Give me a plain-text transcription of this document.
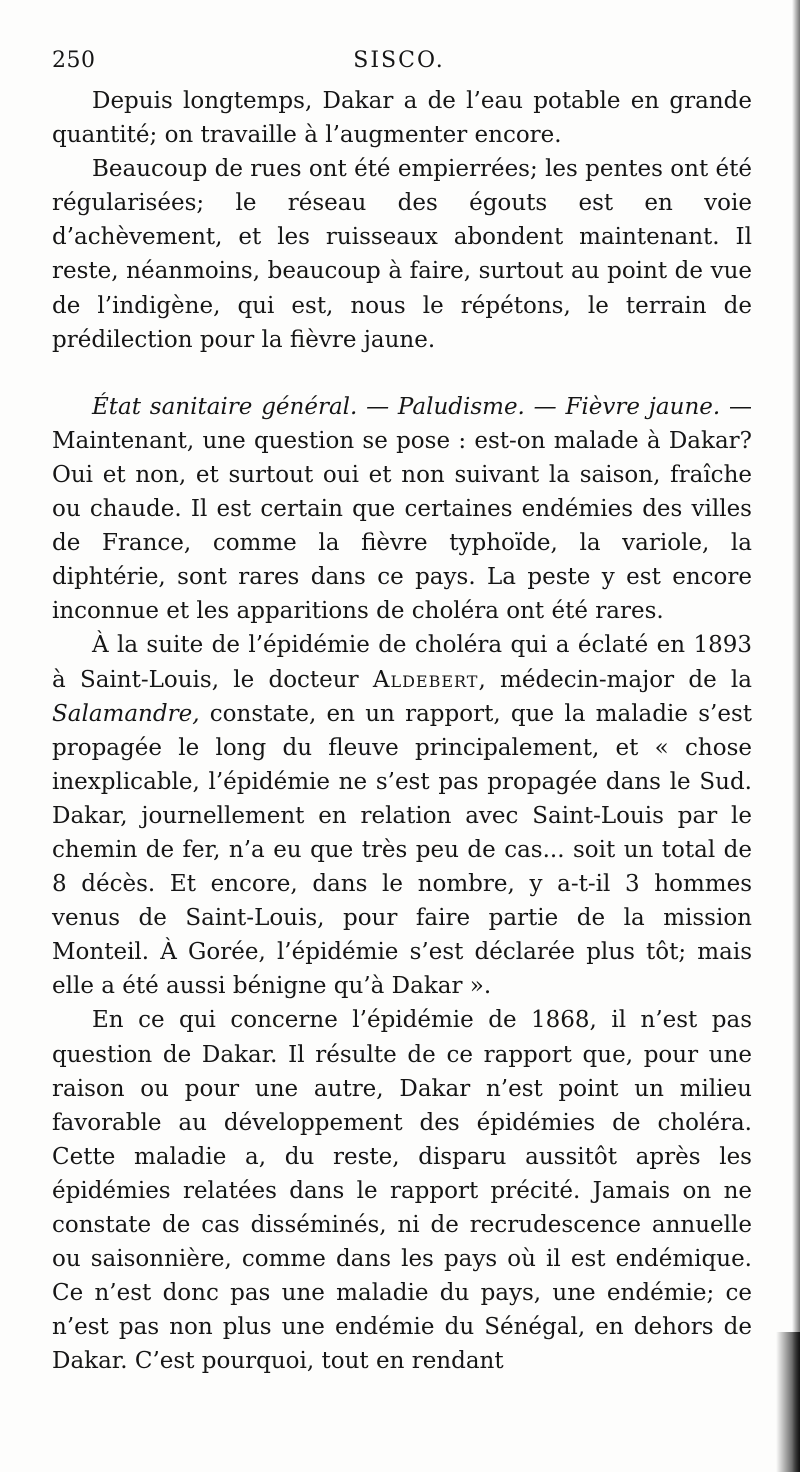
250	SISCO.

Depuis longtemps, Dakar a de l’eau potable en grande quantité; on travaille à l’augmenter encore.

Beaucoup de rues ont été empierrées; les pentes ont été régularisées; le réseau des égouts est en voie d’achèvement, et les ruisseaux abondent maintenant. Il reste, néanmoins, beaucoup à faire, surtout au point de vue de l’indigène, qui est, nous le répétons, le terrain de prédilection pour la fièvre jaune.

État sanitaire général. — Paludisme. — Fièvre jaune. — Maintenant, une question se pose : est-on malade à Dakar? Oui et non, et surtout oui et non suivant la saison, fraîche ou chaude. Il est certain que certaines endémies des villes de France, comme la fièvre typhoïde, la variole, la diphtérie, sont rares dans ce pays. La peste y est encore inconnue et les apparitions de choléra ont été rares.

À la suite de l’épidémie de choléra qui a éclaté en 1893 à Saint-Louis, le docteur Aldebert, médecin-major de la Salamandre, constate, en un rapport, que la maladie s’est propagée le long du fleuve principalement, et « chose inexplicable, l’épidémie ne s’est pas propagée dans le Sud. Dakar, journellement en relation avec Saint-Louis par le chemin de fer, n’a eu que très peu de cas... soit un total de 8 décès. Et encore, dans le nombre, y a-t-il 3 hommes venus de Saint-Louis, pour faire partie de la mission Monteil. À Gorée, l’épidémie s’est déclarée plus tôt; mais elle a été aussi bénigne qu’à Dakar ».

En ce qui concerne l’épidémie de 1868, il n’est pas question de Dakar. Il résulte de ce rapport que, pour une raison ou pour une autre, Dakar n’est point un milieu favorable au développement des épidémies de choléra. Cette maladie a, du reste, disparu aussitôt après les épidémies relatées dans le rapport précité. Jamais on ne constate de cas disséminés, ni de recrudescence annuelle ou saisonnière, comme dans les pays où il est endémique. Ce n’est donc pas une maladie du pays, une endémie; ce n’est pas non plus une endémie du Sénégal, en dehors de Dakar. C’est pourquoi, tout en rendant
